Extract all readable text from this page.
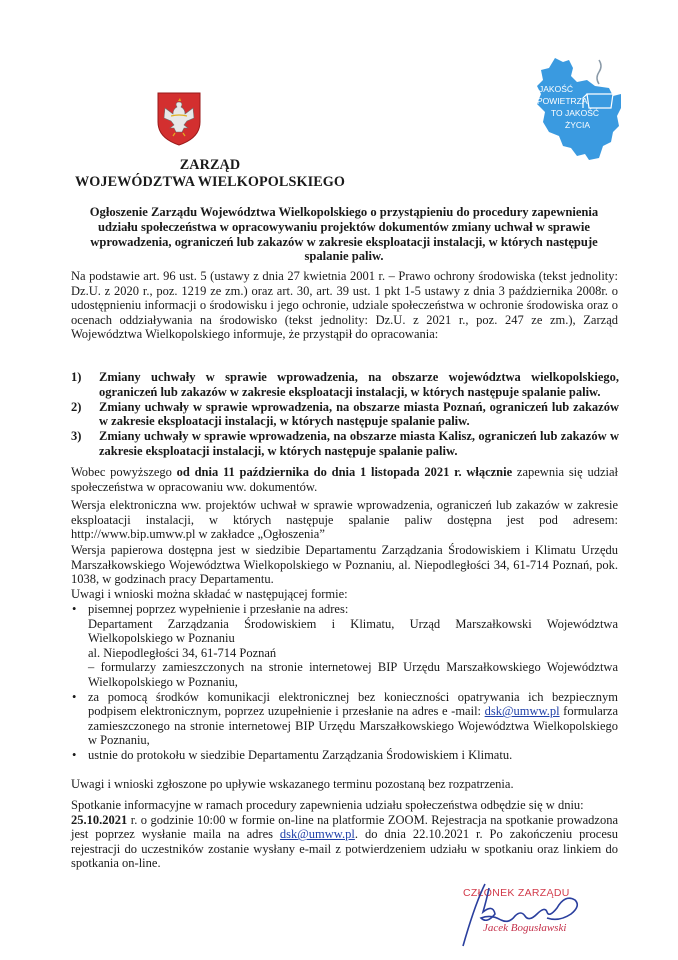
JAKOŚĆ
POWIETRZA
TO JAKOŚĆ
ŻYCIA
ZARZĄD
WOJEWÓDZTWA WIELKOPOLSKIEGO
Ogłoszenie Zarządu Województwa Wielkopolskiego o przystąpieniu do procedury zapewnienia udziału społeczeństwa w opracowywaniu projektów dokumentów zmiany uchwał w sprawie wprowadzenia, ograniczeń lub zakazów w zakresie eksploatacji instalacji, w których następuje spalanie paliw.

Na podstawie art. 96 ust. 5 (ustawy z dnia 27 kwietnia 2001 r. – Prawo ochrony środowiska (tekst jednolity: Dz.U. z 2020 r., poz. 1219 ze zm.) oraz art. 30, art. 39 ust. 1 pkt 1-5 ustawy z dnia 3 października 2008r. o udostępnieniu informacji o środowisku i jego ochronie, udziale społeczeństwa w ochronie środowiska oraz o ocenach oddziaływania na środowisko (tekst jednolity: Dz.U. z 2021 r., poz. 247 ze zm.), Zarząd Województwa Wielkopolskiego informuje, że przystąpił do opracowania:

1) Zmiany uchwały w sprawie wprowadzenia, na obszarze województwa wielkopolskiego, ograniczeń lub zakazów w zakresie eksploatacji instalacji, w których następuje spalanie paliw.
2) Zmiany uchwały w sprawie wprowadzenia, na obszarze miasta Poznań, ograniczeń lub zakazów w zakresie eksploatacji instalacji, w których następuje spalanie paliw.
3) Zmiany uchwały w sprawie wprowadzenia, na obszarze miasta Kalisz, ograniczeń lub zakazów w zakresie eksploatacji instalacji, w których następuje spalanie paliw.

Wobec powyższego od dnia 11 października do dnia 1 listopada 2021 r. włącznie zapewnia się udział społeczeństwa w opracowaniu ww. dokumentów.

Wersja elektroniczna ww. projektów uchwał w sprawie wprowadzenia, ograniczeń lub zakazów w zakresie eksploatacji instalacji, w których następuje spalanie paliw dostępna jest pod adresem: http://www.bip.umww.pl w zakładce „Ogłoszenia”

Wersja papierowa dostępna jest w siedzibie Departamentu Zarządzania Środowiskiem i Klimatu Urzędu Marszałkowskiego Województwa Wielkopolskiego w Poznaniu, al. Niepodległości 34, 61-714 Poznań, pok. 1038, w godzinach pracy Departamentu.

Uwagi i wnioski można składać w następującej formie:

• pisemnej poprzez wypełnienie i przesłanie na adres:
Departament Zarządzania Środowiskiem i Klimatu, Urząd Marszałkowski Województwa Wielkopolskiego w Poznaniu
al. Niepodległości 34, 61-714 Poznań
– formularzy zamieszczonych na stronie internetowej BIP Urzędu Marszałkowskiego Województwa Wielkopolskiego w Poznaniu,
• za pomocą środków komunikacji elektronicznej bez konieczności opatrywania ich bezpiecznym podpisem elektronicznym, poprzez uzupełnienie i przesłanie na adres e -mail: dsk@umww.pl formularza zamieszczonego na stronie internetowej BIP Urzędu Marszałkowskiego Województwa Wielkopolskiego w Poznaniu,
• ustnie do protokołu w siedzibie Departamentu Zarządzania Środowiskiem i Klimatu.

Uwagi i wnioski zgłoszone po upływie wskazanego terminu pozostaną bez rozpatrzenia.

Spotkanie informacyjne w ramach procedury zapewnienia udziału społeczeństwa odbędzie się w dniu:

25.10.2021 r. o godzinie 10:00 w formie on-line na platformie ZOOM. Rejestracja na spotkanie prowadzona jest poprzez wysłanie maila na adres dsk@umww.pl. do dnia 22.10.2021 r. Po zakończeniu procesu rejestracji do uczestników zostanie wysłany e-mail z potwierdzeniem udziału w spotkaniu oraz linkiem do spotkania on-line.

CZŁONEK ZARZĄDU
Jacek Bogusławski
